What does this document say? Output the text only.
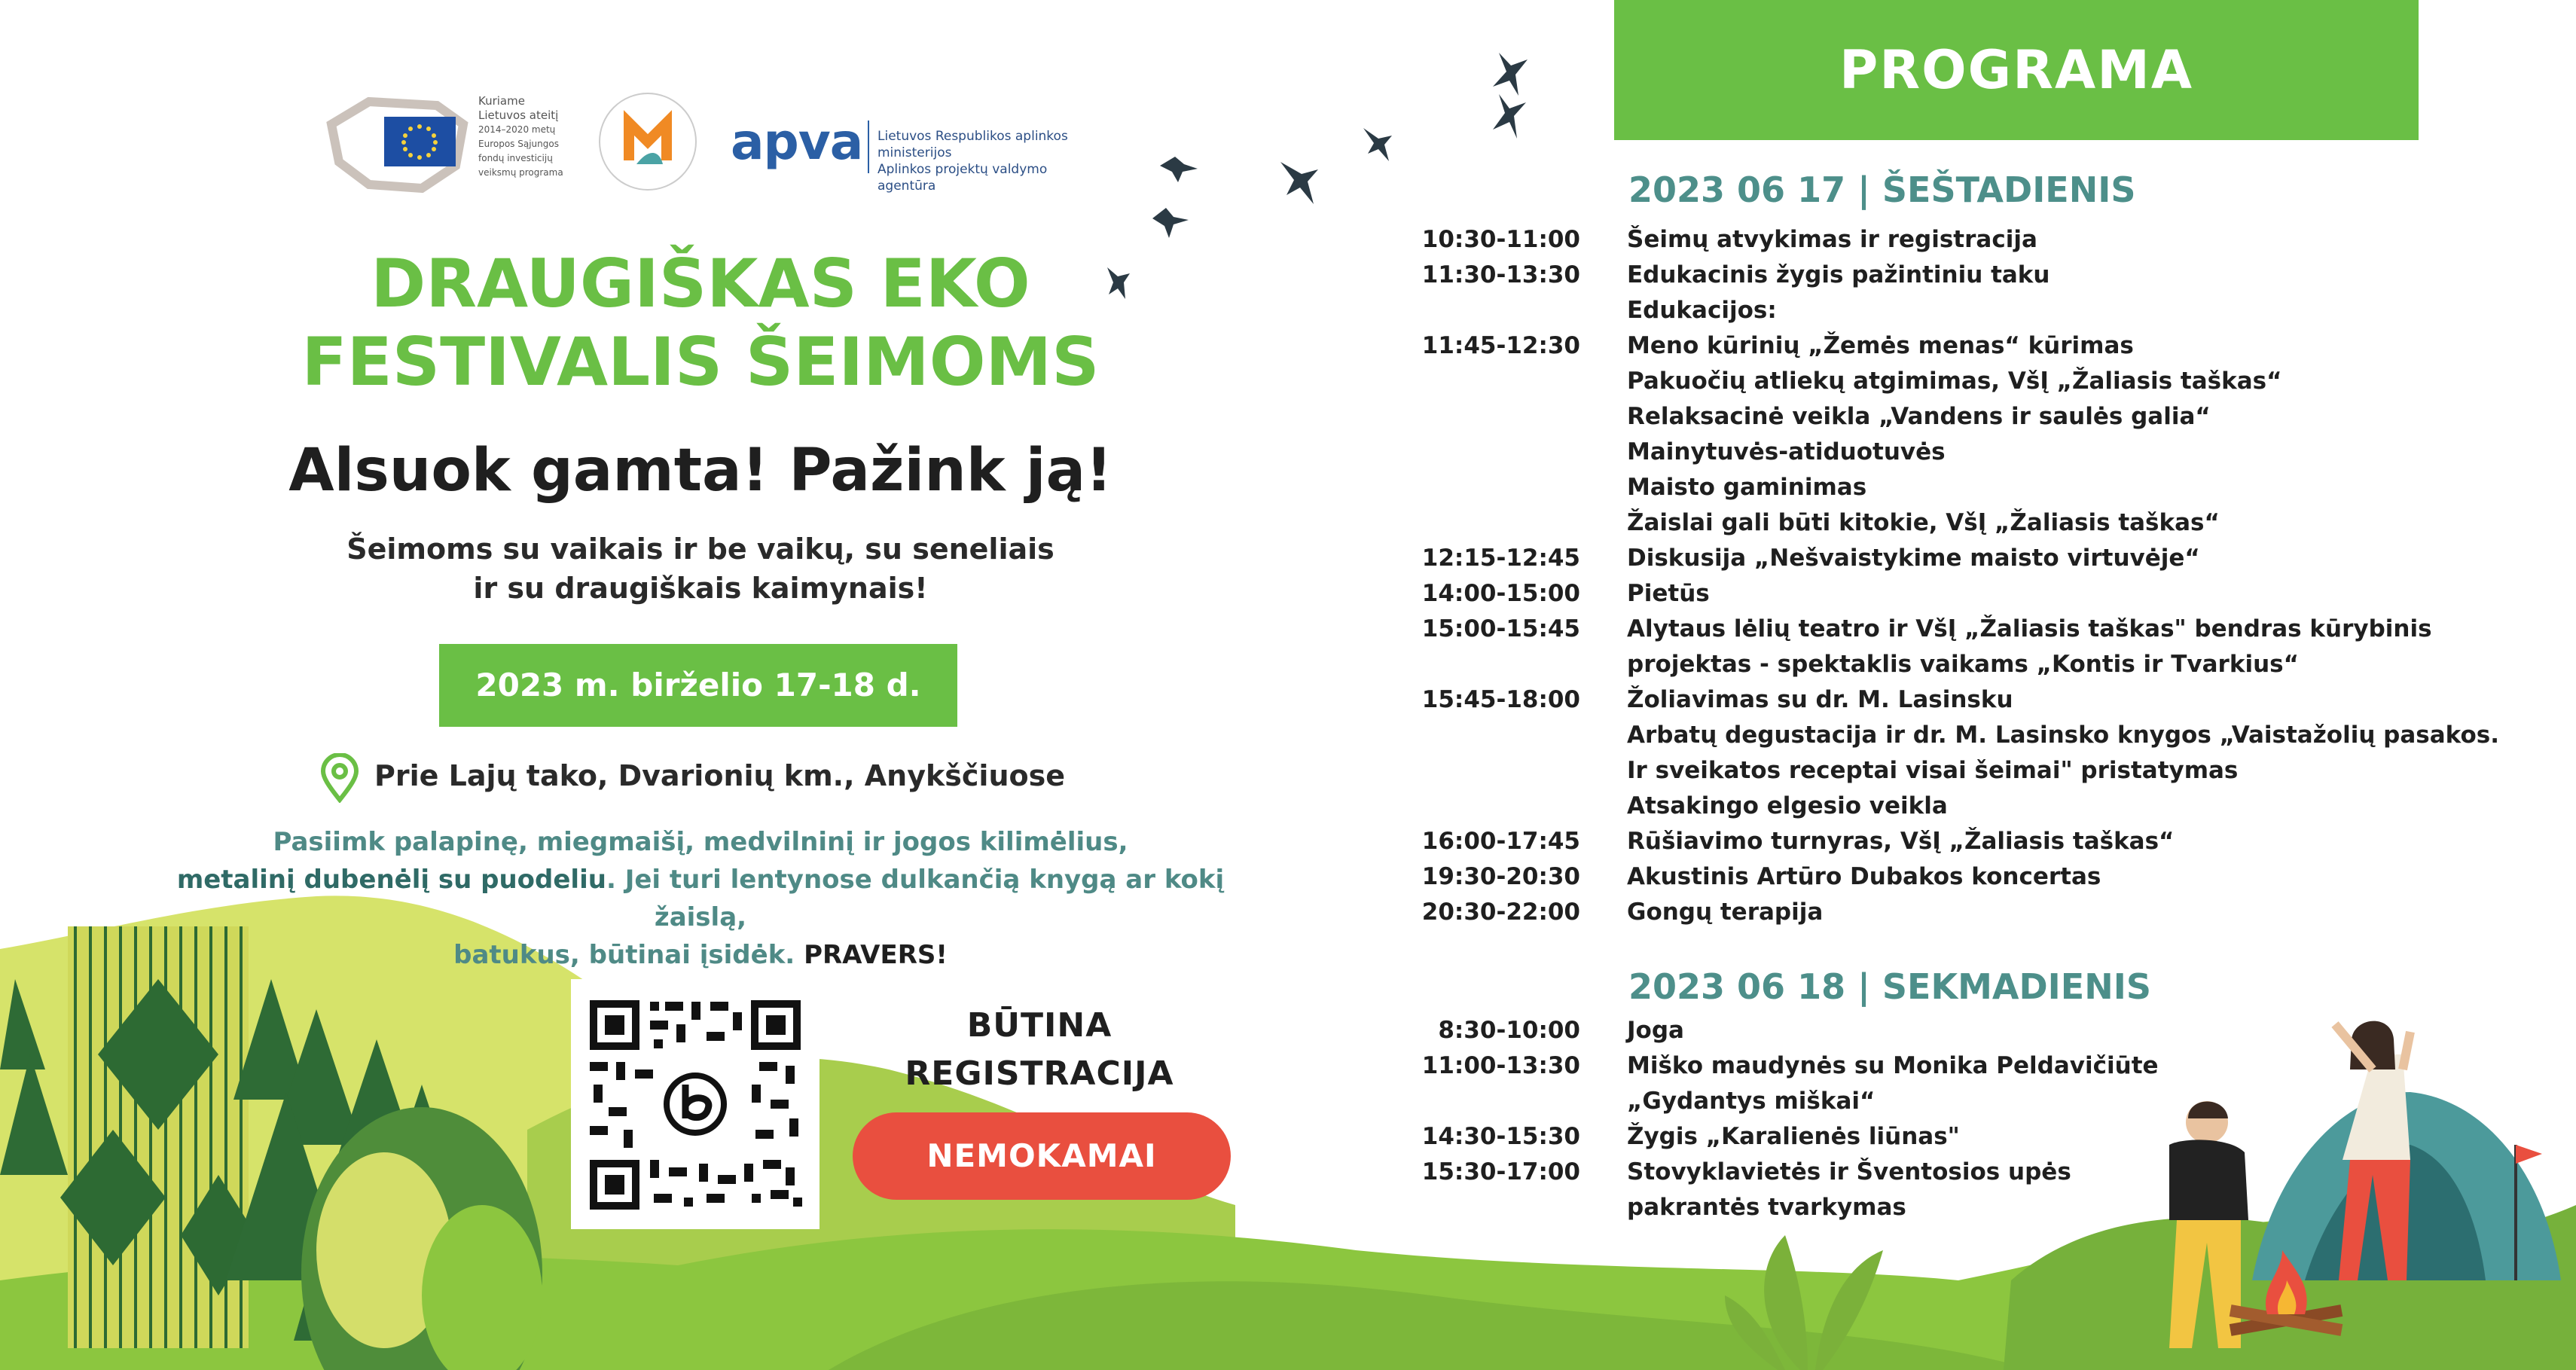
Kuriame
Lietuvos ateitį
2014–2020 metų
Europos Sąjungos
fondų investicijų
veiksmų programa
apva Lietuvos Respublikos aplinkos ministerijos
Aplinkos projektų valdymo agentūra
DRAUGIŠKAS EKO
FESTIVALIS ŠEIMOMS
Alsuok gamta! Pažink ją!
Šeimoms su vaikais ir be vaikų, su seneliais
ir su draugiškais kaimynais!
2023 m. birželio 17-18 d.
Prie Lajų tako, Dvarionių km., Anykščiuose
Pasiimk palapinę, miegmaišį, medvilninį ir jogos kilimėlius,
metalinį dubenėlį su puodeliu. Jei turi lentynose dulkančią knygą ar kokį žaislą,
batukus, būtinai įsidėk. PRAVERS!
BŪTINA
REGISTRACIJA
NEMOKAMAI
PROGRAMA
2023 06 17 | ŠEŠTADIENIS
10:30-11:00 Šeimų atvykimas ir registracija
11:30-13:30 Edukacinis žygis pažintiniu taku
Edukacijos:
11:45-12:30 Meno kūrinių „Žemės menas“ kūrimas
Pakuočių atliekų atgimimas, VšĮ „Žaliasis taškas“
Relaksacinė veikla „Vandens ir saulės galia“
Mainytuvės-atiduotuvės
Maisto gaminimas
Žaislai gali būti kitokie, VšĮ „Žaliasis taškas“
12:15-12:45 Diskusija „Nešvaistykime maisto virtuvėje“
14:00-15:00 Pietūs
15:00-15:45 Alytaus lėlių teatro ir VšĮ „Žaliasis taškas" bendras kūrybinis
projektas - spektaklis vaikams „Kontis ir Tvarkius“
15:45-18:00 Žoliavimas su dr. M. Lasinsku
Arbatų degustacija ir dr. M. Lasinsko knygos „Vaistažolių pasakos.
Ir sveikatos receptai visai šeimai" pristatymas
Atsakingo elgesio veikla
16:00-17:45 Rūšiavimo turnyras, VšĮ „Žaliasis taškas“
19:30-20:30 Akustinis Artūro Dubakos koncertas
20:30-22:00 Gongų terapija
2023 06 18 | SEKMADIENIS
8:30-10:00 Joga
11:00-13:30 Miško maudynės su Monika Peldavičiūte
„Gydantys miškai“
14:30-15:30 Žygis „Karalienės liūnas"
15:30-17:00 Stovyklavietės ir Šventosios upės
pakrantės tvarkymas
